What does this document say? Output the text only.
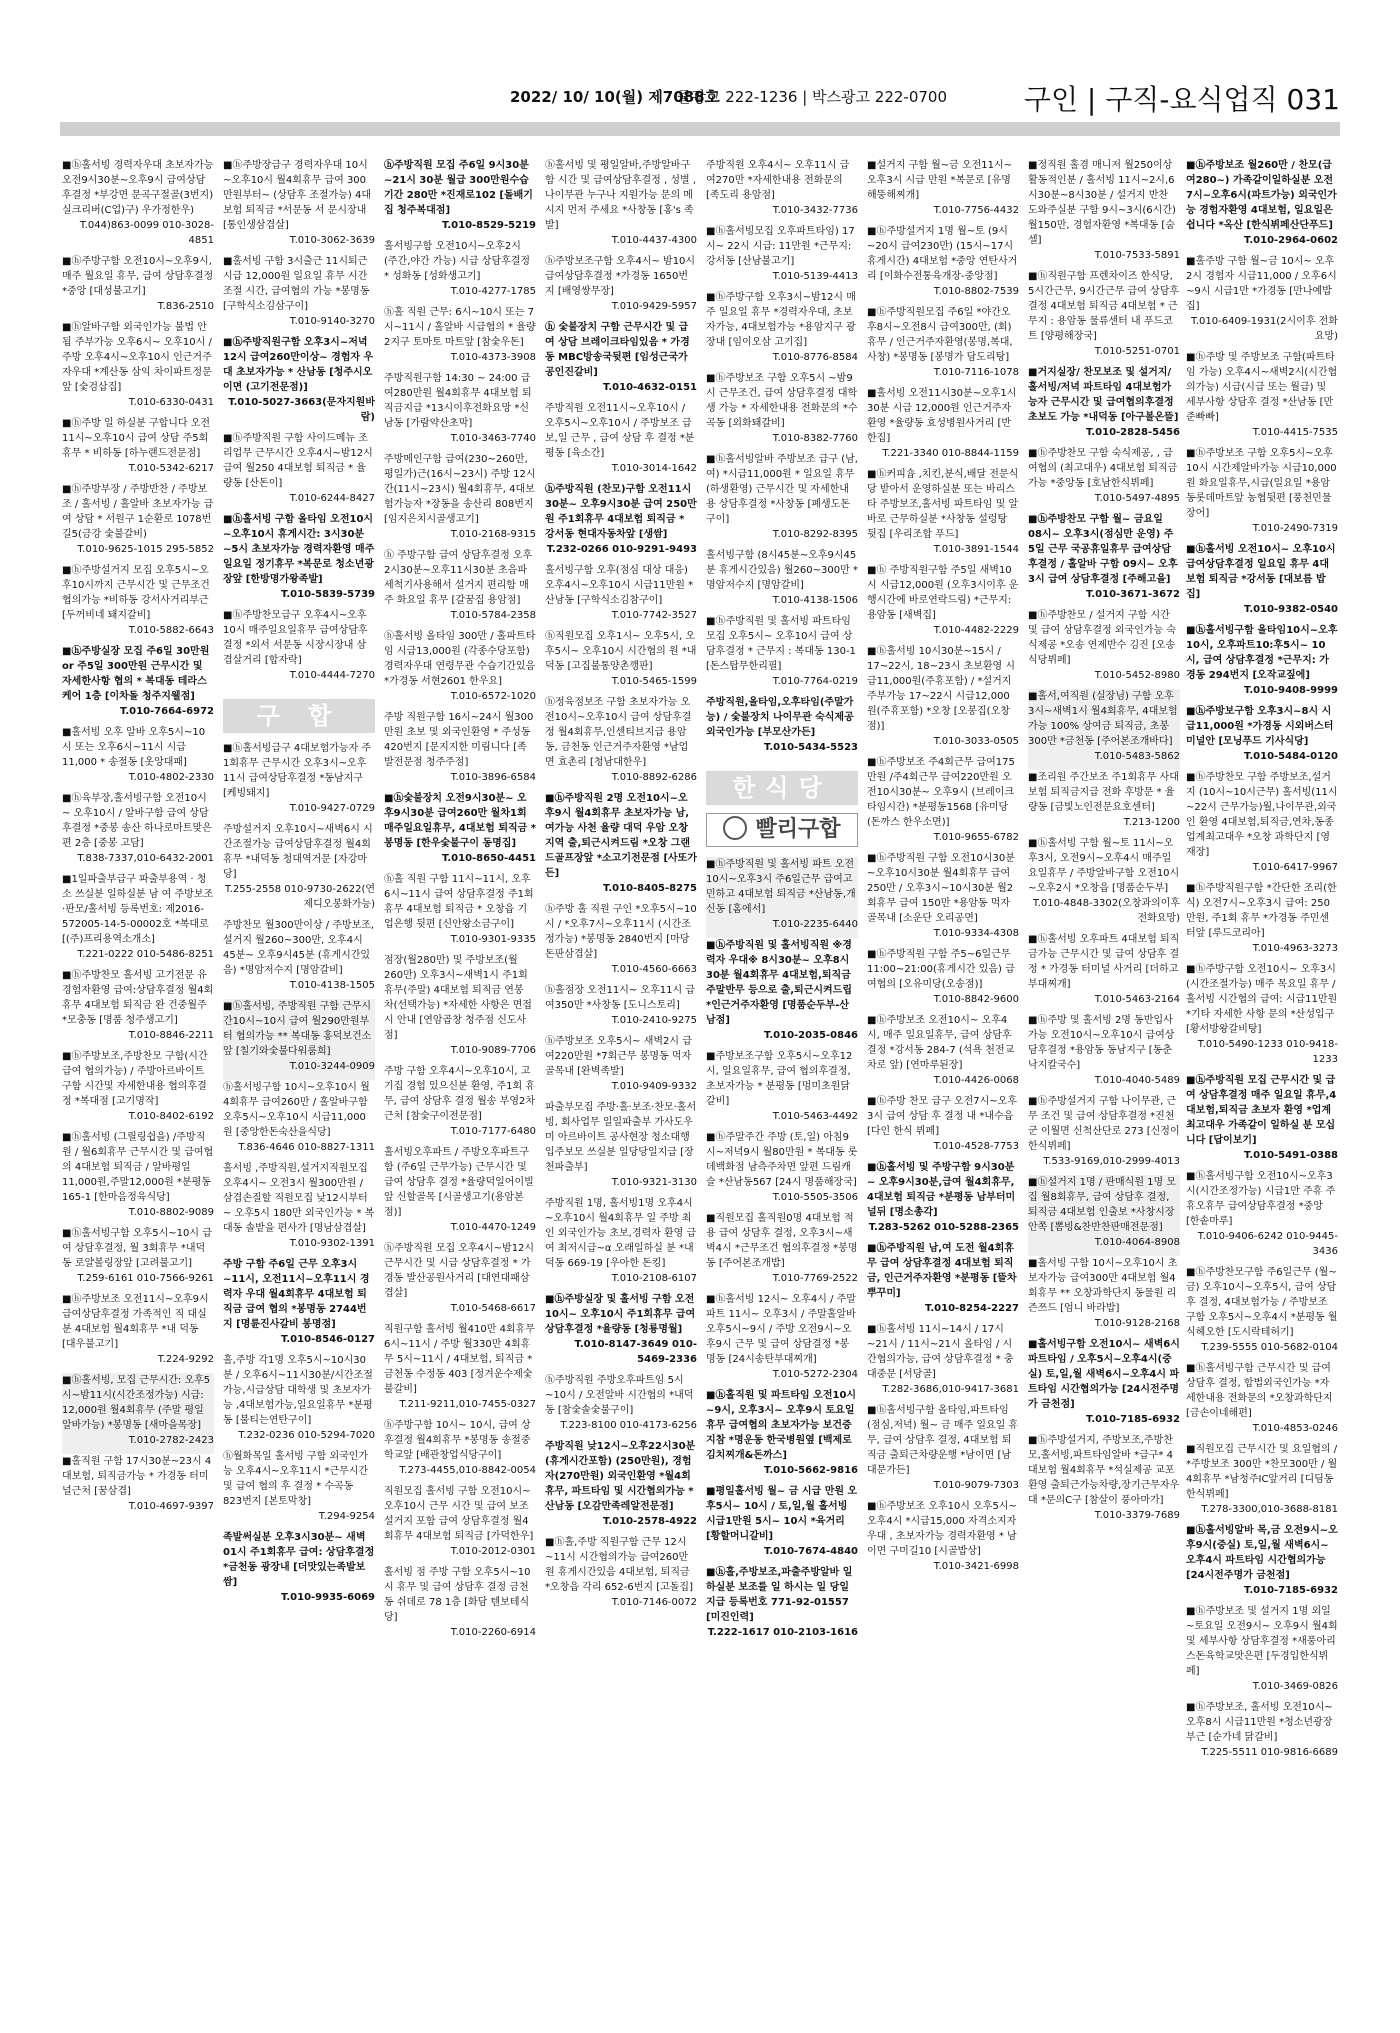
2022/ 10/ 10(월) 제7088호
줄광고 222-1236 | 박스광고 222-0700	구인 | 구직-요식업직 031
■ⓗ홀서빙 경력자우대 초보자가능 오전9시30분~오후9시 급여상담후결정 *부강면 문곡구절골(3번지)실크리버(C업)구) 우가정한우)
T.044)863-0099 010-3028-4851
■ⓗ주방구함 오전10시~오후9시, 매주 월요일 휴무, 급여 상담후결정 *중앙 [대성불고기]
T.836-2510
■ⓗ알바구함 외국인가능 불법 안됨 주부가능 오후6시~ 오후10시 / 주방 오후4시~오후10시 인근거주자우대 *계산동 삼익 차이파트정문앞 [숯검삽집]
T.010-6330-0431
■ⓗ주방 일 하실분 구합니다 오전11시~오후10시 급여 상담 주5회휴무 * 비하동 [하누랜드전문점]
T.010-5342-6217
■ⓗ주방부장 / 주방반찬 / 주방보조 / 홀서빙 / 홀알바 초보자가능 급여 상담 * 서원구 1순환로 1078번길5(금강 숯불갈비)
T.010-9625-1015 295-5852
■ⓗ주방설거지 모집 오후5시~오후10시까지 근무시간 및 근무조건 협의가능 *비하동 강서사거리부근 [두꺼비네 돼지갈비]
T.010-5882-6643
■ⓗ주방실장 모집 주6일 30만원 or 주5일 300만원 근무시간 및 자세한사항 협의 * 복대동 테라스케어 1층 [이차돌 청주지웰점]
T.010-7664-6972
■홀서빙 오후 알바 오후5시~10시 또는 오후6시~11시 시급11,000 * 송절동 [옷앙대패]
T.010-4802-2330
■ⓗ육부장,홀서빙구함 오전10시~ 오후10시 / 알바구함 급여 상담후결정 *중봉 송산 하나로마트맞은편 2층 [중봉 고담]
T.838-7337,010-6432-2001
■1일파출부급구 파출부용역 · 청소 쓰실분 일하실분 남 여 주방보조·판모/홀서빙 등록번호: 제2016-572005-14-5-00002호 *복대로 [(주)프리용역소개소]
T.221-0222 010-5486-8251
■ⓗ주방찬모 홀서빙 고기전문 유경험자환영 급여:상담후결정 월4회휴무 4대보험 퇴직금 완 건중월주 *모충동 [명품 청주생고기]
T.010-8846-2211
■ⓗ주방보조,주방찬모 구함(시간급여 협의가능) / 주방아르바이트 구함 시간및 자세한내용 협의후결정 *복대점 [고기명작]
T.010-8402-6192
■ⓗ홀서빙 (그릴링쉽을) /주방직원 / 월6회휴무 근무시간 및 급여협의 4대보험 퇴직금 / 알바평일11,000원,주말12,000원 *분평동165-1 [한마음정육식당]
T.010-8802-9089
■ⓗ홀서빙구함 오후5시~10시 급여 상담후결정, 월 3회휴무 *내덕동 로얄볼링장앞 [고려불고기]
T.259-6161 010-7566-9261
■ⓗ주방보조 오전11시~오후9시 급여상담후결정 가족적인 직 대실분 4대보험 월4회휴무 *내 덕동 [대우불고기]
T.224-9292
■ⓗ홀서빙, 모집 근무시간: 오후5시~밤11시(시간조정가능) 시급: 12,000원 월4회휴무 (주말 평일 알바가능) *봉명동 [새마을목장]
T.010-2782-2423
■홀직원 구함 17시30분~23시 4대보험, 퇴직금가능 * 가경동 터미널근처 [꿈삼겹]
T.010-4697-9397
■ⓗ주방장급구 경력자우대 10시~오후10시 월4회휴무 급여 300만원부터~ (상담후 조절가능) 4대보험 퇴직금 *서문동 서 문시장내 [통인생삼겹살]
T.010-3062-3639
■홀서빙 구함 3시출근 11시퇴근 시급 12,000원 일요일 휴무 시간조절 시간, 급여협의 가능 *봉명동 [구학식소김삼구이]
T.010-9140-3270
■ⓗ주방직원구함 오후3시~저녁12시 급여260만이상~ 경험자 우대 초보자가능 * 산남동 [청주시오이면 (고기전문점)]
T.010-5027-3663(문자지원바람)
■ⓗ주방직원 구함 사이드메뉴 조리업무 근무시간 오후4시~밤12시 급여 월250 4대보험 퇴직금 * 율량동 [산돈이]
T.010-6244-8427
■ⓗ홀서빙 구함 올타임 오전10시~오후10시 휴게시간: 3시30분~5시 초보자가능 경력자환영 매주일요일 정기휴무 *복문로 청소년광장앞 [한방명가왕족발]
T.010-5839-5739
■ⓗ주방찬모급구 오후4시~오후10시 매주일요일휴무 급여상담후결정 *외서 서문동 시장시장내 삼겹살거리 [합자락]
T.010-4444-7270
구 합
■ⓗ홀서빙급구 4대보험가능자 주1회휴무 근무시간 오후3시~오후11시 급여상담후결정 *동남지구 [케빙돼지]
T.010-9427-0729
주방설거지 오후10시~새벽6시 시간조절가능 급여상담후결정 월4회휴무 *내덕동 청대역거문 [자강마당]
T.255-2558 010-9730-2622(연제디오봉화가능)
주방찬모 월300만이상 / 주방보조, 설거지 월260~300만, 오후4시45분~ 오후9시45분 (휴게시간있음) *명암저수지 [명암갈비]
T.010-4138-1505
■ⓗ홀서빙, 주방직원 구함 근무시간10시~10시 급여 월290만원부터 협의가능 ** 복대동 홍덕보건소 앞 [칠기와숯불다워룸희]
T.010-3244-0909
ⓗ홀서빙구함 10시~오후10시 월4회휴무 급여260만 / 홀알바구함 오후5시~오후10시 시급11,000원 [중앙한돈숙산을식당]
T.836-4646 010-8827-1311
홀서빙 ,주방직원,설거지직원모집 오후4시~ 오전3시 월300만원 / 삼겹손질할 직원모집 낮12시부터~ 오후5시 180만 외국인가능 * 복대동 솔밭을 편사가 [명남삼겹살]
T.010-9302-1391
주방 구함 주6일 근무 오후3시~11시, 오전11시~오후11시 경력자 우대 월4회휴무 4대보험 퇴직금 급여 협의 *봉명동 2744번지 [명륜진사갈비 봉명점]
T.010-8546-0127
홀,주방 각1명 오후5시~10시30분 / 오후6시~11시30분/시간조절가능,시급상담 대학생 및 초보자가능 ,4대보험가능,일요일휴무 *분평동 [불티는연탄구이]
T.232-0236 010-5294-7020
ⓗ월화목일 홀서빙 구함 외국인가능 오후4시~오후11시 *근무시간 및 급여 협의 후 결정 * 수곡동 823번지 [본토막창]
T.294-9254
족발써실분 오후3시30분~ 새벽01시 주1회휴무 급여: 상담후결정 *금천동 광장내 [더맛있는족발보쌈]
T.010-9935-6069
ⓗ주방직원 모집 주6일 9시30분~21시 30분 월급 300만원수습기간 280만 *진재로102 [돌배기집 청주복대점]
T.010-8529-5219
홀서빙구함 오전10시~오후2시 (주간,야간 가능) 시급 상담후결정 * 성화동 [성화생고기]
T.010-4277-1785
ⓗ홀 직원 근무: 6시~10시 또는 7시~11시 / 홀알바 시급협의 * 율량2지구 토마토 마트앞 [참숯우돈]
T.010-4373-3908
주방직원구함 14:30 ~ 24:00 급여280만원 월4회휴무 4대보험 퇴직금지급 *13시이후전화요망 *신남동 [가람약산초막]
T.010-3463-7740
주방메인구함 급여(230~260만, 평일가)근(16시~23시) 주방 12시간(11시~23시) 월4회휴무, 4대보험가능자 *장동을 송산리 808번지 [임지은치시골생고기]
T.010-2168-9315
ⓗ 주방구함 급여 상담후결정 오후2시30분~오후11시30분 초음파세척기사용해서 설거지 편리함 매주 화요일 휴무 [갈꿈집 용암점]
T.010-5784-2358
ⓗ홀서빙 올타임 300만 / 홀파트타임 시급13,000원 (각종수당포함) 경력자우대 연령무관 수습기간있음 *가경동 서현2601 한우요]
T.010-6572-1020
주방 직원구함 16시~24시 월300만원 초보 및 외국인환영 * 주성동 420번지 [문지지한 미림니다 [족발전문점 청주주점]
T.010-3896-6584
■ⓗ숯불장치 오전9시30분~ 오후9시30분 급여260만 월차1회 매주일요일휴무, 4대보험 퇴직금 *봉명동 [한우숯불구이 동명집]
T.010-8650-4451
ⓗ홀 직원 구함 11시~11시, 오후6시~11시 급여 상담후결정 주1회휴무 4대보험 퇴직금 * 오창읍 기업은행 뒷편 [신안왕소금구이]
T.010-9301-9335
점장(월280만) 및 주방보조(월260만) 오후3시~새벽1시 주1회 휴무(주말) 4대보험 퇴직금 연봉 차(선택가능) *자세한 사항은 면접시 안내 [연암곱창 청주점 신도사점]
T.010-9089-7706
주방 구함 오후4시~오후10시, 고기집 경험 있으신분 환영, 주1회 휴무, 급여 상담후 결정 월송 부영2차 근처 [참숯구이전문점]
T.010-7177-6480
홀서빙오후파트 / 주방오후파트구함 (주6일 근무가능) 근무시간 및 급여 상담후 결정 *율량덕일어이빌앞 신할골목 [시골생고기(용암본점)]
T.010-4470-1249
ⓗ주방직원 모집 오후4시~밤12시 근무시간 및 시급 상담후결정 * 가경동 발산공원사거리 [대연대패삼겹살]
T.010-5468-6617
직원구함 홀서빙 월410만 4회휴무 6시~11시 / 주방 월330만 4회휴무 5시~11시 / 4대보험, 퇴직금 *금천동 수정동 403 [정겨운수제숯불갈비]
T.211-9211,010-7455-0327
ⓗ주방구함 10시~ 10시, 급여 상 후결정 월4회휴무 *봉명동 송절중학교앞 [배관창업식당구이]
T.273-4455,010-8842-0054
직원모집 홀서빙 구함 오전10시~ 오후10시 근무 시간 및 급여 보조 설거지 포함 급여 상담후결정 월4회휴무 4대보험 퇴직금 [가덕한우]
T.010-2012-0301
홀서빙 점 주방 구함 오후5시~10시 휴무 및 급여 상담후 결정 금천동 쉬데로 78 1층 [화담 텐보테식당]
T.010-2260-6914
ⓗ홀서빙 및 평일알바,주방알바구함 시간 및 급여상담후결정 , 성별 , 나이무관 누구나 지원가능 문의 메시지 먼저 주세요 *사창동 [홍's 족발]
T.010-4437-4300
ⓗ주방보조구함 오후4시~ 밤10시 급여상담후결정 *가경동 1650번지 [배영쌍무장]
T.010-9429-5957
ⓗ 숯불장치 구함 근무시간 및 급여 상담 브레이크타임있음 * 가경동 MBC방송국뒷편 [임성근국가공인진갈비]
T.010-4632-0151
주방직원 오전11시~오후10시 / 오후5시~오후10시 / 주방보조 급보,일 근무 , 급여 상담 후 결정 *분평동 [육소간]
T.010-3014-1642
ⓗ주방직원 (찬모)구함 오전11시 30분~ 오후9시30분 급여 250만원 주1회휴무 4대보험 퇴직금 * 강서동 현대자동차앞 [생쌈]
T.232-0266 010-9291-9493
홀서빙구함 오후(점심 대상 대응) 오후4시~오후10시 시급11만원 * 산남동 [구학식소김참구이]
T.010-7742-3527
ⓗ직원모집 오후1시~ 오후5시, 오후5시~ 오후10시 시간협의 원 *내덕동 [고집불통양촌깽판]
T.010-5465-1599
ⓗ정육점보조 구함 초보자가능 오전10시~오후10시 급여 상담후결정 월4회휴무,인센티브지급 용암동, 금천동 인근거주자환영 *남업면 효촌리 [청남대한우]
T.010-8892-6286
■ⓗ주방직원 2명 오전10시~오후9시 월4회휴무 초보자가능 남, 여가능 사천 율량 대덕 우암 오창지역 출,퇴근시켜드림 *오창 그랜드골프장앞 *소고기전문점 [사또가든]
T.010-8405-8275
ⓗ주방 홀 직원 구인 *오후5시~10시 / *오후7시~오후11시 (시간조정가능) *봉명동 2840번지 [마당돈판삼겹살]
T.010-4560-6663
ⓗ홀점장 오전11시~ 오후11시 급여350만 *사창동 [도니스토리]
T.010-2410-9275
ⓗ주방보조 오후5시~ 새벽2시 급여220만원 *7회근무 봉명동 먹자골목내 [완벽족발]
T.010-9409-9332
파출부모집 주방·홀·보조·찬모·홀서빙, 회사업무 일일파출부 가사도우미 아르바이트 공사현장 청소대행 입주보모 쓰실분 일당당일지급 [장천파출부]
T.010-9321-3130
주방직원 1명, 홀서빙1명 오후4시~오후10시 월4회휴무 일 주방 최인 외국인가능 초보,경력자 환영 급여 최저시급~α 오래일하실 분 *내덕동 669-19 [우아한 돈킹]
T.010-2108-6107
■ⓗ주방실장 및 홀서빙 구함 오전10시~ 오후10시 주1회휴무 급여 상담후결정 *율량동 [청룡명월]
T.010-8147-3649 010-5469-2336
ⓗ주방직원 주방오후파트임 5시~10시 / 오전알바 시간협의 *내덕동 [참숯솔숯불구이]
T.223-8100 010-4173-6256
주방직원 낮12시~오후22시30분 (휴게시간포함) (250만원), 경험자(270만원) 외국인환영 *월4회휴무, 파트타임 및 시간협의가능 *산남동 [오감만족레알전문점]
T.010-2578-4922
■ⓗ홀,주방 직원구함 근무 12시~11시 시간협의가능 급여260만 원 휴게시간있음 4대보험, 퇴직금 *오창읍 각리 652-6번지 [고돌집]
T.010-7146-0072
주방직원 오후4시~ 오후11시 급여270만 *자세한내용 전화문의 [족도리 용암점]
T.010-3432-7736
■ⓗ홀서빙모집 오후파트타임) 17시~ 22시 시급: 11만원 *근무지: 강서동 [산남불고기]
T.010-5139-4413
■ⓗ주방구함 오후3시~밤12시 매주 일요일 휴무 *경력자우대, 초보자가능, 4대보험가능 *용암지구 광장내 [임이오삼 고기집]
T.010-8776-8584
■ⓗ주방보조 구함 오후5시 ~밤9시 근무조건, 급여 상담후결정 대학생 가능 * 자세한내용 전화문의 *수곡동 [외화돼갈비]
T.010-8382-7760
■ⓗ홀서빙알바 주방보조 급구 (남,여) *시급11,000원 * 일요일 휴무 (하생환영) 근무시간 및 자세한내용 상담후결정 *사창동 [폐생도돈구이]
T.010-8292-8395
홀서빙구함 (8시45분~오후9시45분 휴게시간있음) 월260~300만 *명암저수지 [명암갈비]
T.010-4138-1506
■ⓗ주방직원 및 홀서빙 파트타임 모집 오후5시~ 오후10시 급여 상담후결정 * 근무지 : 복대동 130-1 [돈스탑무한리필]
T.010-7764-0219
주방직원,올타임,오후타임(주말가능) / 숯불장치 나이무관 숙식제공 외국인가능 [부모산가든]
T.010-5434-5523
한식당
빨리구합
■ⓗ주방직원 및 홀서빙 파트 오전10시~오후3시 주6일근무 급여고민하고 4대보험 퇴직금 *산남동,개신동 [홈에서]
T.010-2235-6440
■ⓗ주방직원 및 홀서빙직원 ※경력자 우대※ 8시30분~ 오후8시30분 월4회휴무 4대보험,퇴직금 주말반무 등으로 출,퇴근시켜드립 *인근거주자환영 [명품순두부-산남점]
T.010-2035-0846
■주방보조구함 오후5시~오후12시, 일요일휴무, 급여 협의후결정, 초보자가능 * 분평동 [멍미초원닭갈비]
T.010-5463-4492
■ⓗ주말주간 주방 (토,일) 아침9시~저녁9시 월80만원 * 복대동 롯데백화점 남측주차면 앞편 드림캐슬 *산남동567 [24시 명품해장국]
T.010-5505-3506
■직원모집 홀직원0명 4대보험 적용 급여 상담후 결정, 오후3시~새벽4시 *근무조건 협의후결정 *봉명동 [주어본조개밥]
T.010-7769-2522
■ⓗ홀서빙 12시~ 오후4시 / 주말파트 11시~ 오후3시 / 주말홀알바 오후5시~9시 / 주방 오전9시~오후9시 근무 및 급여 상담결정 *봉명동 [24시송탄부대찌개]
T.010-5272-2304
■ⓗ홀직원 및 파트타임 오전10시~9시, 오후3시~ 오후9시 토요일휴무 급여협의 초보자가능 보건증지참 *명운동 한국병원옆 [백제로김치찌개&돈까스]
T.010-5662-9816
■평일홀서빙 월~ 금 시급 만원 오후5시~ 10시 / 토,일,월 홀서빙 시급1만원 5시~ 10시 *육거리 [황할머니갈비]
T.010-7674-4840
■ⓗ홀,주방보조,파출주방알바 일하실분 보조를 일 하시는 일 당일지급 등록번호 771-92-01557 [미진인력]
T.222-1617 010-2103-1616
■설거지 구함 월~금 오전11시~오후3시 시급 만원 *복문로 [유명해뚱해찌개]
T.010-7756-4432
■ⓗ주방설거지 1명 월~토 (9시~20시 급여230만) (15시~17시 휴게시간) 4대보험 *중앙 연탄사거리 [이화수전통육개장-중앙점]
T.010-8802-7539
■ⓗ주방직원모집 주6일 *야간오후8시~오전8시 급여300만, (회)휴무 / 인근거주자환영(봉명,복대,사창) *봉명동 [봉명가 담도리탕]
T.010-7116-1078
■홀서빙 오전11시30분~오후1시30분 시급 12,000원 인근거주자환영 *율량동 효성병원사거리 [반한집]
T.221-3340 010-8844-1159
■ⓗ커피숍 ,치킨,분식,배달 전문식당 받아서 운영하실분 또는 바리스타 주방보조,홀서빙 파트타임 및 알바로 근무하실분 *사창동 설렁탕 뒷집 [우리조합 푸드]
T.010-3891-1544
■ⓗ 주방직원구함 주5일 새벽10시 시급12,000원 (오후3시이후 운행시간에 바로연락드림) *근무지: 용암동 [새벽집]
T.010-4482-2229
■ⓗ홀서빙 10시30분~15시 / 17~22시, 18~23시 초보환영 시급11,000원(주휴포함) / *설거지 주부가능 17~22시 시급12,000원(주휴포함) *오창 [오봉집(오창점)]
T.010-3033-0505
■ⓗ주방보조 주4회근무 급여175만원 /주4회근무 급여220만원 오전10시30분~ 오후9시 (브레이크타임시간) *분평동1568 [유미당 (돈까스 한우소면)]
T.010-9655-6782
■ⓗ주방직원 구함 오전10시30분~오후10시30분 월4회휴무 급여 250만 / 오후3시~10시30분 월2회휴무 급여 150만 *용암동 먹자골목내 [소운단 오리공면]
T.010-9334-4308
■ⓗ주방직원 구함 주5~6일근무 11:00~21:00(휴게시간 있음) 급여협의 [오유미당(오송점)]
T.010-8842-9600
■ⓗ주방보조 오전10시~ 오후4시, 매주 일요일휴무, 급여 상담후결정 *강서동 284-7 (석욕 천전교차로 앞) [연마루된장]
T.010-4426-0068
■ⓗ주방 찬모 급구 오전7시~오후3시 급여 상담 후 결정 내 *내수읍 [다인 한식 뷔페]
T.010-4528-7753
■ⓗ홀서빙 및 주방구함 9시30분~ 오후9시30분,급여 월4회휴무, 4대보험 퇴직금 *분평동 남부터미널뒤 [명소총각]
T.283-5262 010-5288-2365
■ⓗ주방직원 남,여 도전 월4회휴무 급여 상담후결정 4대보험 퇴직금, 인근거주자환영 *분평동 [뜰차뿌꾸미]
T.010-8254-2227
■ⓗ홀서빙 11시~14시 / 17시~21시 / 11시~21시 올타임 / 시간협의가능, 급여 상담후결정 * 충대중문 [서당골]
T.282-3686,010-9417-3681
■ⓗ홀서빙구함 올타임,파트타임(점심,저녁) 월~ 금 매주 일요일 휴무, 급여 상담후 결정, 4대보험 퇴직금 출퇴근차량운행 *남이면 [남대문가든]
T.010-9079-7303
■ⓗ주방보조 오후10시 오후5시~오후4시 *시급15,000 자격소지자우대 , 초보자가능 경력자환영 * 남이면 구미길10 [시골밥상]
T.010-3421-6998
■정직원 홀겸 매니저 월250이상 활동적인분 / 홀서빙 11시~2시,6시30분~8시30분 / 설거지 반찬 도와주실분 구함 9시~3시(6시간) 월150만, 경험자환영 *복대동 [숨셀]
T.010-7533-5891
■ⓗ직원구함 프렌차이즈 한식당, 5시간근무, 9시간근무 급여 상담후결정 4대보험 퇴직금 4대보험 * 근무지 : 용암동 물류센터 내 푸드코트 [양평해장국]
T.010-5251-0701
■거지실장/ 찬모보조 및 설거지/홀서빙/저녁 파트타임 4대보험가능자 근무시간 및 급여협의후결정 초보도 가능 *내덕동 [아구볼온뜰]
T.010-2828-5456
■ⓗ주방찬모 구함 숙식제공, , 급여협의 (최고대우) 4대보험 퇴직금가능 *중앙동 [호남한식뷔페]
T.010-5497-4895
■ⓗ주방찬모 구함 월~ 금요일 08시~ 오후3시(점심만 운영) 주5일 근무 국공휴일휴무 급여상담후결정 / 홀알바 구함 09시~ 오후3시 급여 상담후결정 [주해고을]
T.010-3671-3672
■ⓗ주방찬모 / 설거지 구함 시간 및 급여 상담후결정 외국인가능 숙식제공 *오송 연제반수 김진 [오송식당뷔페]
T.010-5452-8980
■홀서,여직원 (실장님) 구함 오후3시~새벽1시 월4회휴무, 4대보험가능 100% 상여금 퇴직금, 초봉300만 *금천동 [주어본조개바다]
T.010-5483-5862
■조리원 주간보조 주1회휴무 사대보험 퇴직금지급 전화 후방문 * 율량동 [금빛노인전문요호센터]
T.213-1200
■ⓗ홀서빙 구함 월~토 11시~오후3시, 오전9시~오후4시 매주일요일휴무 / 주방알바구함 오전10시~오후2시 *오창읍 [명품순두부]
T.010-4848-3302(오창과의이후전화요망)
■ⓗ홀서빙 오후파트 4대보험 퇴직금가능 근무시간 및 급여 상담후 결정 * 가경동 터미널 사거리 [더하고 부대찌개]
T.010-5463-2164
■ⓗ주방 및 홀서빙 2명 동반입사가능 오전10시~오후10시 급여상담후결정 *용암동 동남지구 [동춘낙지칼국수]
T.010-4040-5489
■ⓗ주방설거지 구함 나이무관, 근무 조건 및 급여 상담후결정 *진천군 이월면 신척산단로 273 [신정이 한식뷔페]
T.533-9169,010-2999-4013
■ⓗ설거지 1명 / 판매식원 1명 모집 월8회휴무, 급여 상담후 결정, 퇴직금 4대보험 인출보 *사창시장 안쪽 [뽐빙&찬반찬판매전문점]
T.010-4064-8908
■홀서빙 구함 10시~오후10시 초보자가능 급여300만 4대보험 월4회휴무 ** 오창과학단지 동물원 리즌쯔드 [엄니 바라밥]
T.010-9128-2168
■홀서빙구함 오전10시~ 새벽6시 파트타임 / 오후5시~오후4시(중실) 토,일,월 새벽6시~오후4시 파트타임 시간협의가능 [24시전주명가 금천점]
T.010-7185-6932
■ⓗ주방설거지, 주방보조,주방찬모,홀서빙,파트타임알바 *급구* 4대보험 월4회휴무 *석실제공 교포환영 출퇴근가능차량,장기근무자우대 *문의C구 [참살이 풍아마가]
T.010-3379-7689
■ⓗ주방보조 월260만 / 찬모(급여280~) 가족같이일하실분 오전7시~오후6시(파트가능) 외국인가능 경험자환영 4대보험, 일요일은쉽니다 *옥산 [한식뷔페산단푸드]
T.010-2964-0602
■홀주방 구함 월~금 10시~ 오후2시 경험자 시급11,000 / 오후6시~9시 시급1만 *가경동 [만나예밥집]
T.010-6409-1931(2시이후 전화요망)
■ⓗ주방 및 주방보조 구함(파트타임 가능) 오후4시~새벽2시(시간협의가능) 시급(시급 또는 월급) 및 세부사항 상담후 결정 *산남동 [만준빠빠]
T.010-4415-7535
■ⓗ주방보조 구함 오후5시~오후10시 시간제알바가능 시급10,000원 화요일휴무,시급(일요일 *용암동롯데마트앞 농협뒷편 [풍천민물장어]
T.010-2490-7319
■ⓗ홀서빙 오전10시~ 오후10시 급여상담후결정 일요일 휴무 4대보험 퇴직금 *강서동 [대보름 밥집]
T.010-9382-0540
■ⓗ홀서빙구함 올타임10시~오후10시, 오후파트10:후5시~ 10시, 급여 상담후결정 *근무지: 가경동 294번지 [오작교짚에]
T.010-9408-9999
■ⓗ주방보구함 오후3시~8시 시급11,000원 *가경동 시외버스터미널안 [모닝푸드 기사식당]
T.010-5484-0120
■ⓗ주방찬모 구함 주방보조,설거지 (10시~10시근무) 홀서빙(11시~22시 근무가능)월,나이무관,외국인 환영 4대보험,퇴직금,연차,동종업계최고대우 *오창 과학단지 [영재장]
T.010-6417-9967
■ⓗ주방직원구함 *간단한 조리(한식) 오전7시~오후3시 급여: 250만원, 주1회 휴무 *가경동 주민센터앞 [루드코리아]
T.010-4963-3273
■ⓗ주방구함 오전10시~ 오후3시 (시간조절가능) 매주 목요일 휴무 / 홀서빙 시간협의 급여: 시급11만원 *기타 자세한 사항 문의 *산성입구 [황서방왕갈비탕]
T.010-5490-1233 010-9418-1233
■ⓗ주방직원 모집 근무시간 및 급여 상담후결정 매주 일요일 휴무,4대보험,퇴직금 초보자 환영 *업계최고대우 가족같이 일하실 분 모십니다 [답이보기]
T.010-5491-0388
■ⓗ홀서빙구함 오전10시~오후3시(시간조정가능) 시급1만 주휴 주휴오휴무 급여상담후결정 *중앙 [한솥마루]
T.010-9406-6242 010-9445-3436
■ⓗ주방찬모구함 주6일근무 (월~금) 오후10시~오후5시, 급여 상담후 결정, 4대보험가능 / 주방보조 구함 오후5시~오후4시 *분평동 월식헤오한 [도시락테허기]
T.239-5555 010-5682-0104
■ⓗ홀서빙구함 근무시간 및 급여 상담후 결정, 합법외국인가능 *자세한내용 전화문의 *오창과학단지 [금손이네해편]
T.010-4853-0246
■직원모집 근무시간 및 요일협의 / *주방보조 300만 *찬모300만 / 월4회휴무 *남청주IC앞거리 [디딤동한식뷔페]
T.278-3300,010-3688-8181
■ⓗ홀서빙알바 목,금 오전9시~오후9시(중실) 토,일,월 새벽6시~ 오후4시 파트타임 시간협의가능 [24시전주명가 금천점]
T.010-7185-6932
■ⓗ주방보조 및 설거지 1명 외일~토요일 오전9시~ 오후9시 월4회 및 세부사항 상담후결정 *새풍아리스돈육학교맛은편 [두경입한식뷔페]
T.010-3469-0826
■ⓗ주방보조, 홀서빙 오전10시~오후8시 시급11만원 *청소년광장 부근 [순가네 닭갈비]
T.225-5511 010-9816-6689
